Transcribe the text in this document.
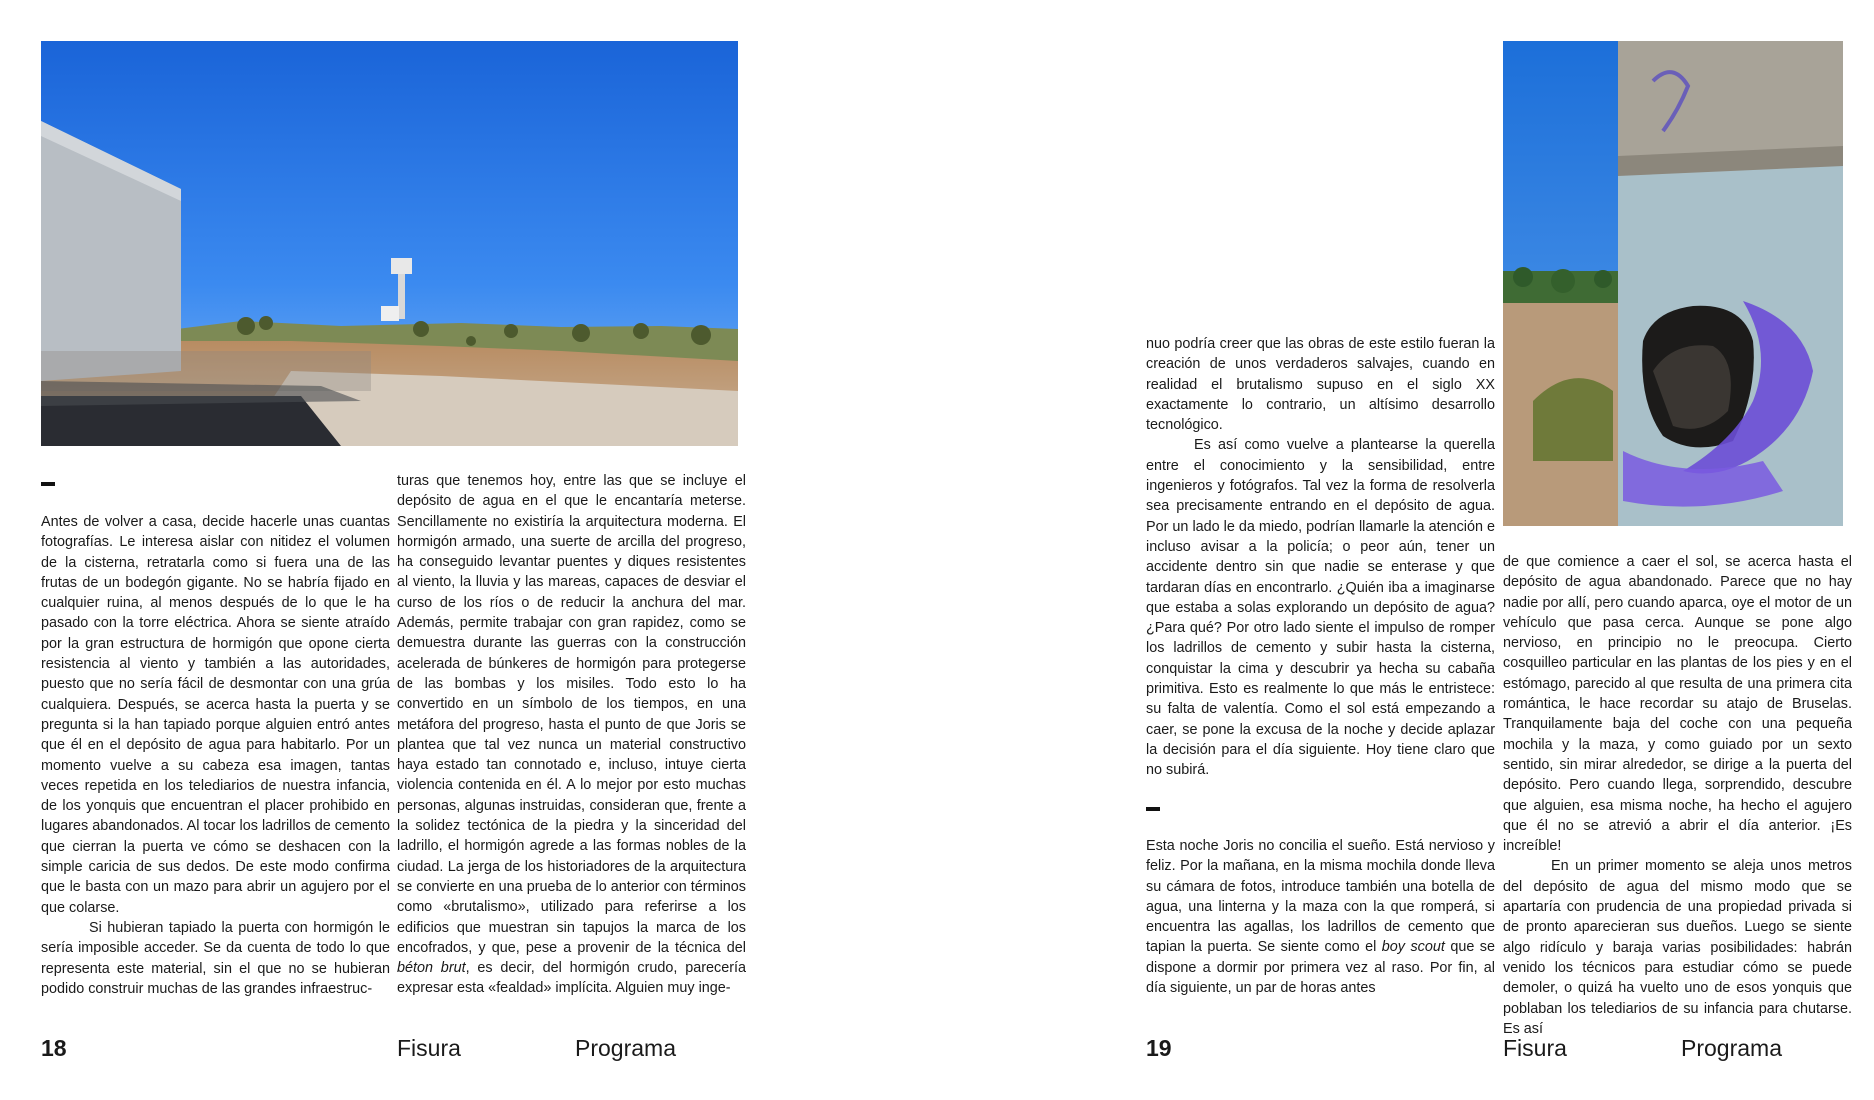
Antes de volver a casa, decide hacerle unas cuantas fotografías. Le interesa aislar con nitidez el volumen de la cisterna, retratarla como si fuera una de las frutas de un bodegón gigante. No se habría fijado en cualquier ruina, al menos después de lo que le ha pasado con la torre eléctrica. Ahora se siente atraído por la gran estructura de hormigón que opone cierta resistencia al viento y también a las autoridades, puesto que no sería fácil de desmontar con una grúa cualquiera. Después, se acerca hasta la puerta y se pregunta si la han tapiado porque alguien entró antes que él en el depósito de agua para habitarlo. Por un momento vuelve a su cabeza esa imagen, tantas veces repetida en los telediarios de nuestra infancia, de los yonquis que encuentran el placer prohibido en lugares abandonados. Al tocar los ladrillos de cemento que cierran la puerta ve cómo se deshacen con la simple caricia de sus dedos. De este modo confirma que le basta con un mazo para abrir un agujero por el que colarse.

Si hubieran tapiado la puerta con hormigón le sería imposible acceder. Se da cuenta de todo lo que representa este material, sin el que no se hubieran podido construir muchas de las grandes infraestruc-

turas que tenemos hoy, entre las que se incluye el depósito de agua en el que le encantaría meterse. Sencillamente no existiría la arquitectura moderna. El hormigón armado, una suerte de arcilla del progreso, ha conseguido levantar puentes y diques resistentes al viento, la lluvia y las mareas, capaces de desviar el curso de los ríos o de reducir la anchura del mar. Además, permite trabajar con gran rapidez, como se demuestra durante las guerras con la construcción acelerada de búnkeres de hormigón para protegerse de las bombas y los misiles. Todo esto lo ha convertido en un símbolo de los tiempos, en una metáfora del progreso, hasta el punto de que Joris se plantea que tal vez nunca un material constructivo haya estado tan connotado e, incluso, intuye cierta violencia contenida en él. A lo mejor por esto muchas personas, algunas instruidas, consideran que, frente a la solidez tectónica de la piedra y la sinceridad del ladrillo, el hormigón agrede a las formas nobles de la ciudad. La jerga de los historiadores de la arquitectura se convierte en una prueba de lo anterior con términos como «brutalismo», utilizado para referirse a los edificios que muestran sin tapujos la marca de los encofrados, y que, pese a provenir de la técnica del béton brut, es decir, del hormigón crudo, parecería expresar esta «fealdad» implícita. Alguien muy inge-

18	Fisura	Programa

nuo podría creer que las obras de este estilo fueran la creación de unos verdaderos salvajes, cuando en realidad el brutalismo supuso en el siglo XX exactamente lo contrario, un altísimo desarrollo tecnológico.

Es así como vuelve a plantearse la querella entre el conocimiento y la sensibilidad, entre ingenieros y fotógrafos. Tal vez la forma de resolverla sea precisamente entrando en el depósito de agua. Por un lado le da miedo, podrían llamarle la atención e incluso avisar a la policía; o peor aún, tener un accidente dentro sin que nadie se enterase y que tardaran días en encontrarlo. ¿Quién iba a imaginarse que estaba a solas explorando un depósito de agua? ¿Para qué? Por otro lado siente el impulso de romper los ladrillos de cemento y subir hasta la cisterna, conquistar la cima y descubrir ya hecha su cabaña primitiva. Esto es realmente lo que más le entristece: su falta de valentía. Como el sol está empezando a caer, se pone la excusa de la noche y decide aplazar la decisión para el día siguiente. Hoy tiene claro que no subirá.

Esta noche Joris no concilia el sueño. Está nervioso y feliz. Por la mañana, en la misma mochila donde lleva su cámara de fotos, introduce también una botella de agua, una linterna y la maza con la que romperá, si encuentra las agallas, los ladrillos de cemento que tapian la puerta. Se siente como el boy scout que se dispone a dormir por primera vez al raso. Por fin, al día siguiente, un par de horas antes

de que comience a caer el sol, se acerca hasta el depósito de agua abandonado. Parece que no hay nadie por allí, pero cuando aparca, oye el motor de un vehículo que pasa cerca. Aunque se pone algo nervioso, en principio no le preocupa. Cierto cosquilleo particular en las plantas de los pies y en el estómago, parecido al que resulta de una primera cita romántica, le hace recordar su atajo de Bruselas. Tranquilamente baja del coche con una pequeña mochila y la maza, y como guiado por un sexto sentido, sin mirar alrededor, se dirige a la puerta del depósito. Pero cuando llega, sorprendido, descubre que alguien, esa misma noche, ha hecho el agujero que él no se atrevió a abrir el día anterior. ¡Es increíble!

En un primer momento se aleja unos metros del depósito de agua del mismo modo que se apartaría con prudencia de una propiedad privada si de pronto aparecieran sus dueños. Luego se siente algo ridículo y baraja varias posibilidades: habrán venido los técnicos para estudiar cómo se puede demoler, o quizá ha vuelto uno de esos yonquis que poblaban los telediarios de su infancia para chutarse. Es así

19	Fisura	Programa
